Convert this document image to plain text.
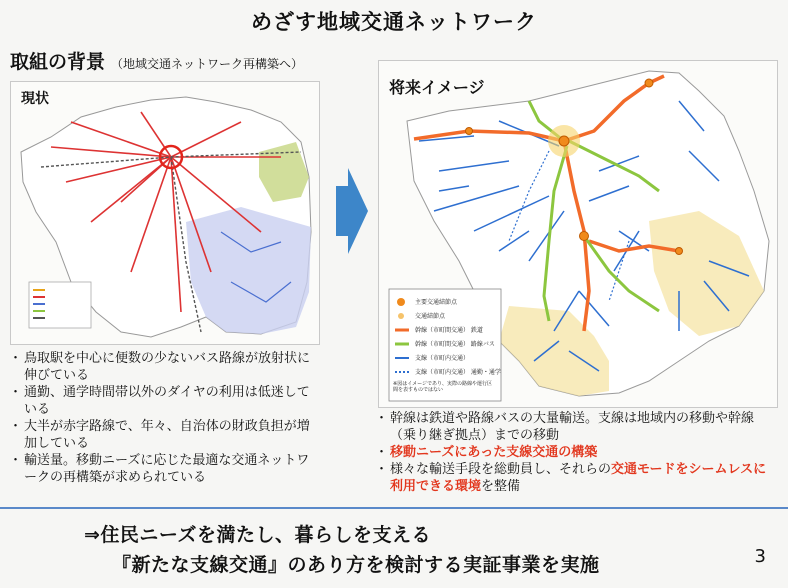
めざす地域交通ネットワーク
取組の背景 （地域交通ネットワーク再構築へ）
現状
・ 鳥取駅を中心に便数の少ないバス路線が放射状に伸びている
・ 通勤、通学時間帯以外のダイヤの利用は低迷している
・ 大半が赤字路線で、年々、自治体の財政負担が増加している
・ 輸送量。移動ニーズに応じた最適な交通ネットワークの再構築が求められている
将来イメージ
主要交通結節点
交通結節点
幹線（市町間交通） 鉄道
幹線（市町間交通） 路線バス
支線（市町内交通）
支線（市町内交通） 通勤・通学
※図はイメージであり、実際の路線や運行区間を表すものではない
・ 幹線は鉄道や路線バスの大量輸送。支線は地域内の移動や幹線（乗り継ぎ拠点）までの移動
・ 移動ニーズにあった支線交通の構築
・ 様々な輸送手段を総動員し、それらの交通モードをシームレスに利用できる環境を整備
⇒住民ニーズを満たし、暮らしを支える
『新たな支線交通』のあり方を検討する実証事業を実施	3
